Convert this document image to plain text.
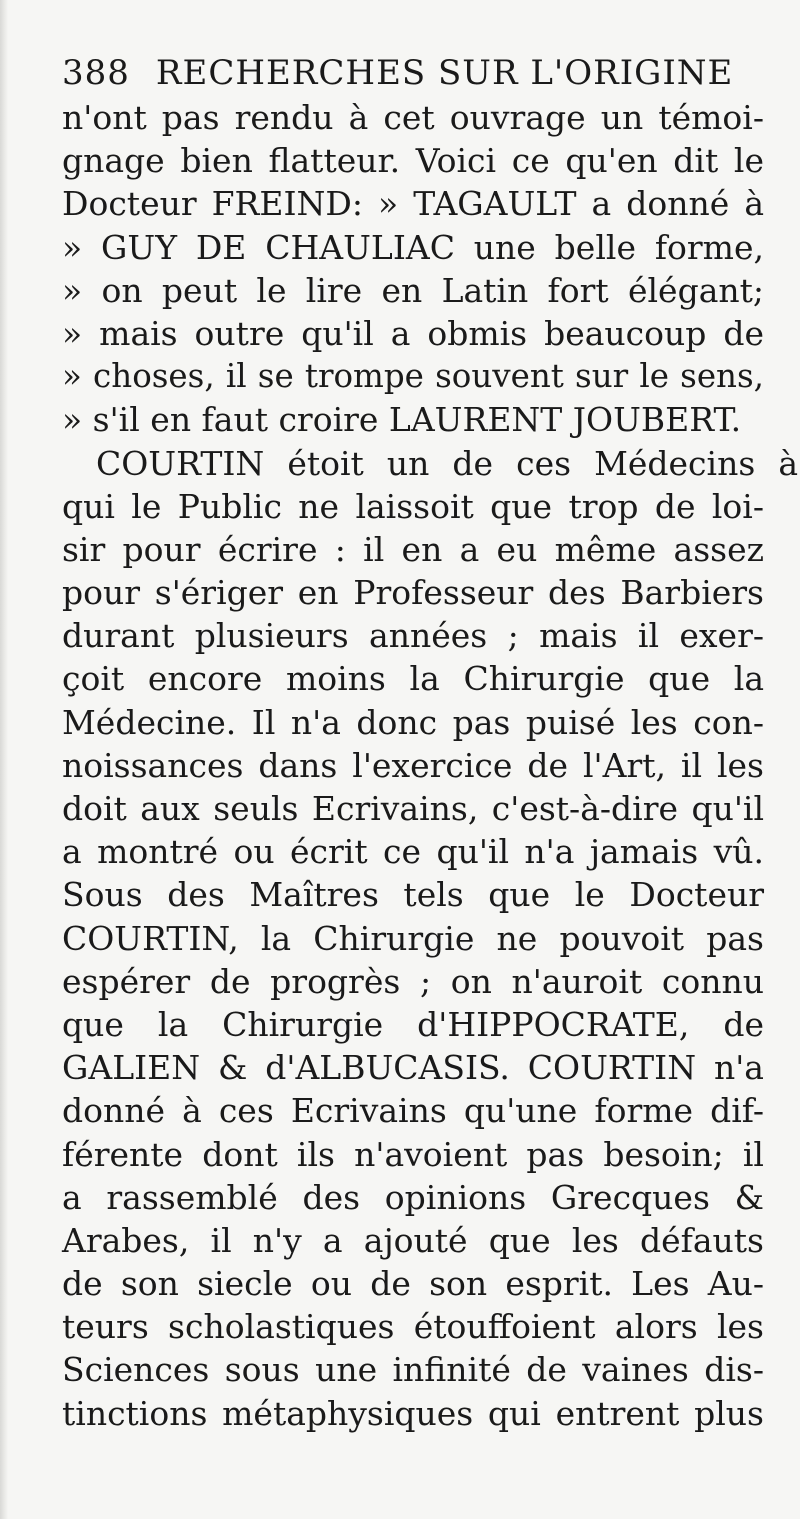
388 RECHERCHES SUR L'ORIGINE
n'ont pas rendu à cet ouvrage un témoi-
gnage bien flatteur. Voici ce qu'en dit le
Docteur FREIND: » TAGAULT a donné à
» GUY DE CHAULIAC une belle forme,
» on peut le lire en Latin fort élégant;
» mais outre qu'il a obmis beaucoup de
» choses, il se trompe souvent sur le sens,
» s'il en faut croire LAURENT JOUBERT.
COURTIN étoit un de ces Médecins à
qui le Public ne laissoit que trop de loi-
sir pour écrire : il en a eu même assez
pour s'ériger en Professeur des Barbiers
durant plusieurs années ; mais il exer-
çoit encore moins la Chirurgie que la
Médecine. Il n'a donc pas puisé les con-
noissances dans l'exercice de l'Art, il les
doit aux seuls Ecrivains, c'est-à-dire qu'il
a montré ou écrit ce qu'il n'a jamais vû.
Sous des Maîtres tels que le Docteur
COURTIN, la Chirurgie ne pouvoit pas
espérer de progrès ; on n'auroit connu
que la Chirurgie d'HIPPOCRATE, de
GALIEN & d'ALBUCASIS. COURTIN n'a
donné à ces Ecrivains qu'une forme dif-
férente dont ils n'avoient pas besoin; il
a rassemblé des opinions Grecques &
Arabes, il n'y a ajouté que les défauts
de son siecle ou de son esprit. Les Au-
teurs scholastiques étouffoient alors les
Sciences sous une infinité de vaines dis-
tinctions métaphysiques qui entrent plus
